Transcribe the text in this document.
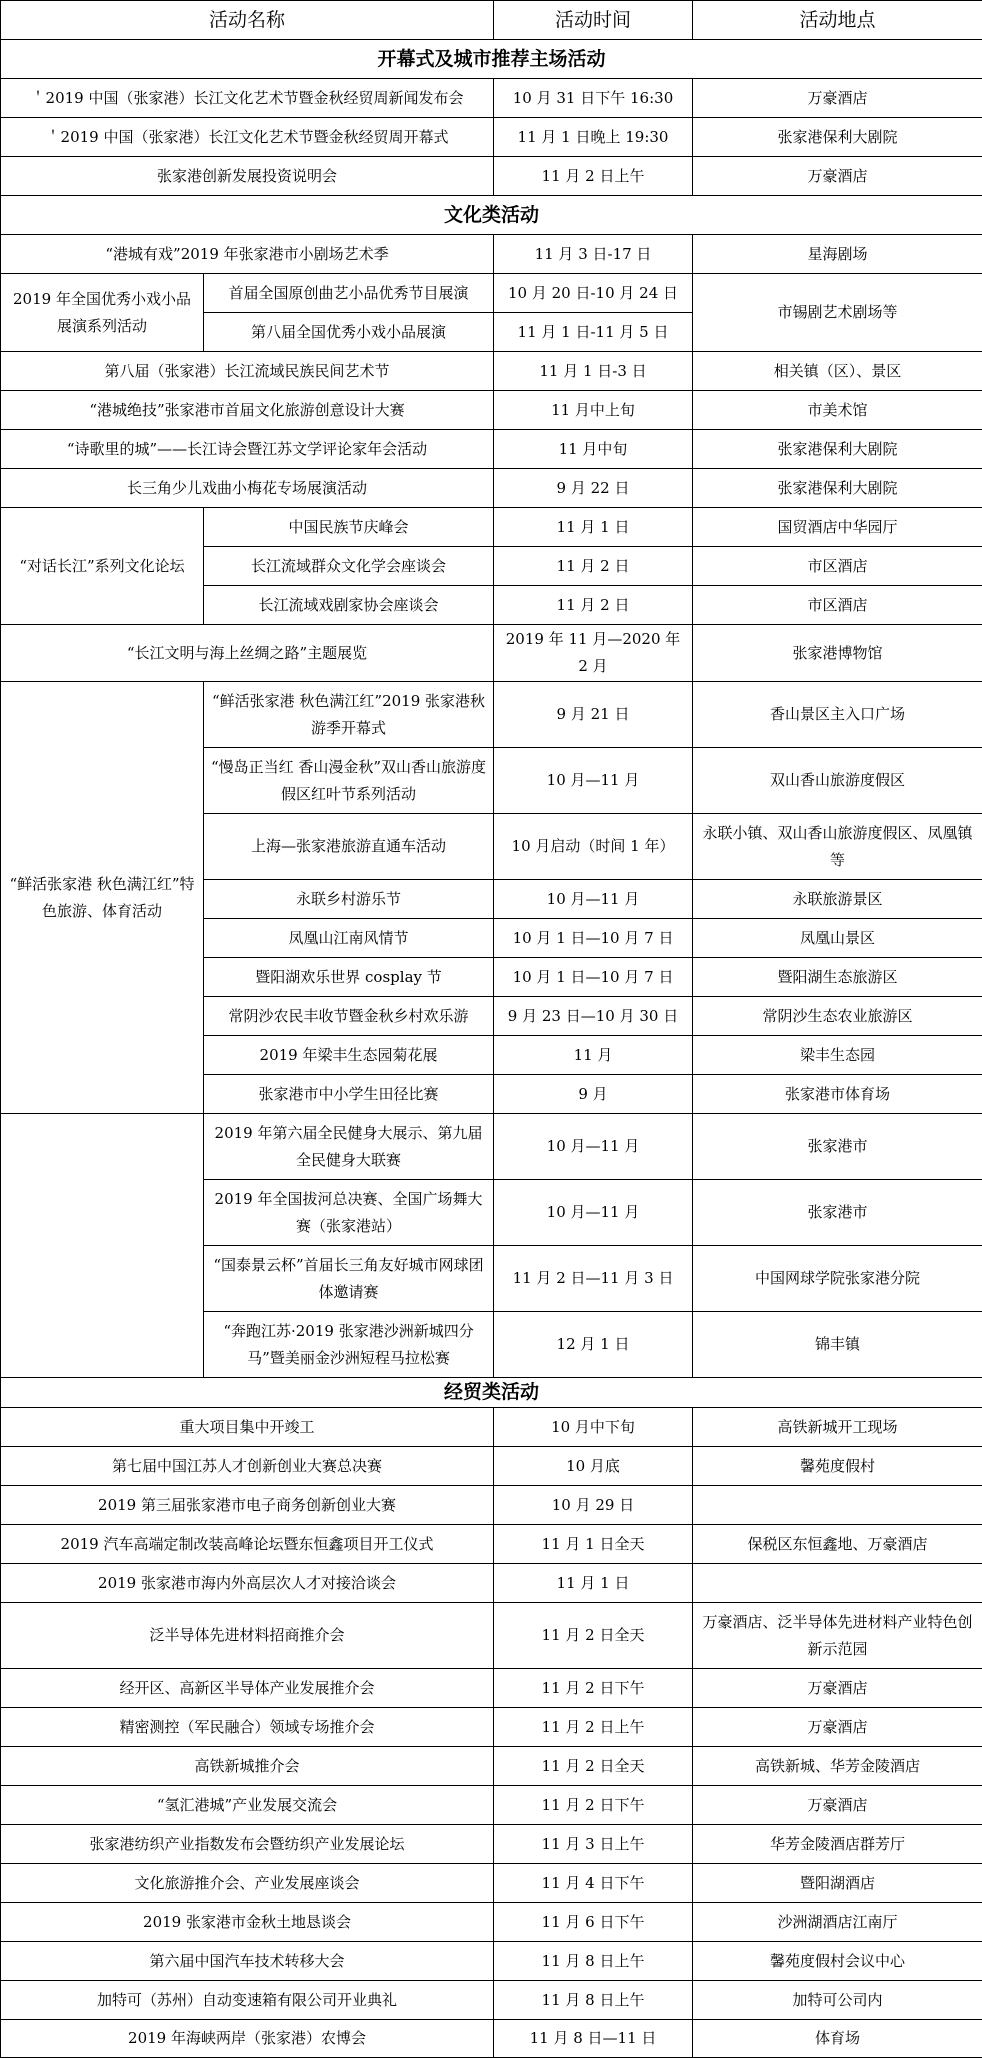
活动名称		活动时间	活动地点
开幕式及城市推荐主场活动			
＇2019 中国（张家港）长江文化艺术节暨金秋经贸周新闻发布会		10 月 31 日下午 16:30	万豪酒店
＇2019 中国（张家港）长江文化艺术节暨金秋经贸周开幕式		11 月 1 日晚上 19:30	张家港保利大剧院
张家港创新发展投资说明会		11 月 2 日上午	万豪酒店
文化类活动			
“港城有戏”2019 年张家港市小剧场艺术季		11 月 3 日-17 日	星海剧场
2019 年全国优秀小戏小品展演系列活动	首届全国原创曲艺小品优秀节目展演	10 月 20 日-10 月 24 日	市锡剧艺术剧场等
	第八届全国优秀小戏小品展演	11 月 1 日-11 月 5 日	
第八届（张家港）长江流域民族民间艺术节		11 月 1 日-3 日	相关镇（区）、景区
“港城绝技”张家港市首届文化旅游创意设计大赛		11 月中上旬	市美术馆
“诗歌里的城”——长江诗会暨江苏文学评论家年会活动		11 月中旬	张家港保利大剧院
长三角少儿戏曲小梅花专场展演活动		9 月 22 日	张家港保利大剧院
“对话长江”系列文化论坛	中国民族节庆峰会	11 月 1 日	国贸酒店中华园厅
	长江流域群众文化学会座谈会	11 月 2 日	市区酒店
	长江流域戏剧家协会座谈会	11 月 2 日	市区酒店
“长江文明与海上丝绸之路”主题展览		2019 年 11 月—2020 年 2 月	张家港博物馆
“鲜活张家港 秋色满江红”特色旅游、体育活动	“鲜活张家港 秋色满江红”2019 张家港秋游季开幕式	9 月 21 日	香山景区主入口广场
	“慢岛正当红 香山漫金秋”双山香山旅游度假区红叶节系列活动	10 月—11 月	双山香山旅游度假区
	上海—张家港旅游直通车活动	10 月启动（时间 1 年）	永联小镇、双山香山旅游度假区、凤凰镇等
	永联乡村游乐节	10 月—11 月	永联旅游景区
	凤凰山江南风情节	10 月 1 日—10 月 7 日	凤凰山景区
	暨阳湖欢乐世界 cosplay 节	10 月 1 日—10 月 7 日	暨阳湖生态旅游区
	常阴沙农民丰收节暨金秋乡村欢乐游	9 月 23 日—10 月 30 日	常阴沙生态农业旅游区
	2019 年梁丰生态园菊花展	11 月	梁丰生态园
	张家港市中小学生田径比赛	9 月	张家港市体育场
	2019 年第六届全民健身大展示、第九届全民健身大联赛	10 月—11 月	张家港市
	2019 年全国拔河总决赛、全国广场舞大赛（张家港站）	10 月—11 月	张家港市
	“国泰景云杯”首届长三角友好城市网球团体邀请赛	11 月 2 日—11 月 3 日	中国网球学院张家港分院
	“奔跑江苏·2019 张家港沙洲新城四分马”暨美丽金沙洲短程马拉松赛	12 月 1 日	锦丰镇
经贸类活动			
重大项目集中开竣工		10 月中下旬	高铁新城开工现场
第七届中国江苏人才创新创业大赛总决赛		10 月底	馨苑度假村
2019 第三届张家港市电子商务创新创业大赛		10 月 29 日	
2019 汽车高端定制改装高峰论坛暨东恒鑫项目开工仪式		11 月 1 日全天	保税区东恒鑫地、万豪酒店
2019 张家港市海内外高层次人才对接洽谈会		11 月 1 日	
泛半导体先进材料招商推介会		11 月 2 日全天	万豪酒店、泛半导体先进材料产业特色创新示范园
经开区、高新区半导体产业发展推介会		11 月 2 日下午	万豪酒店
精密测控（军民融合）领域专场推介会		11 月 2 日上午	万豪酒店
高铁新城推介会		11 月 2 日全天	高铁新城、华芳金陵酒店
“氢汇港城”产业发展交流会		11 月 2 日下午	万豪酒店
张家港纺织产业指数发布会暨纺织产业发展论坛		11 月 3 日上午	华芳金陵酒店群芳厅
文化旅游推介会、产业发展座谈会		11 月 4 日下午	暨阳湖酒店
2019 张家港市金秋土地恳谈会		11 月 6 日下午	沙洲湖酒店江南厅
第六届中国汽车技术转移大会		11 月 8 日上午	馨苑度假村会议中心
加特可（苏州）自动变速箱有限公司开业典礼		11 月 8 日上午	加特可公司内
2019 年海峡两岸（张家港）农博会		11 月 8 日—11 日	体育场
